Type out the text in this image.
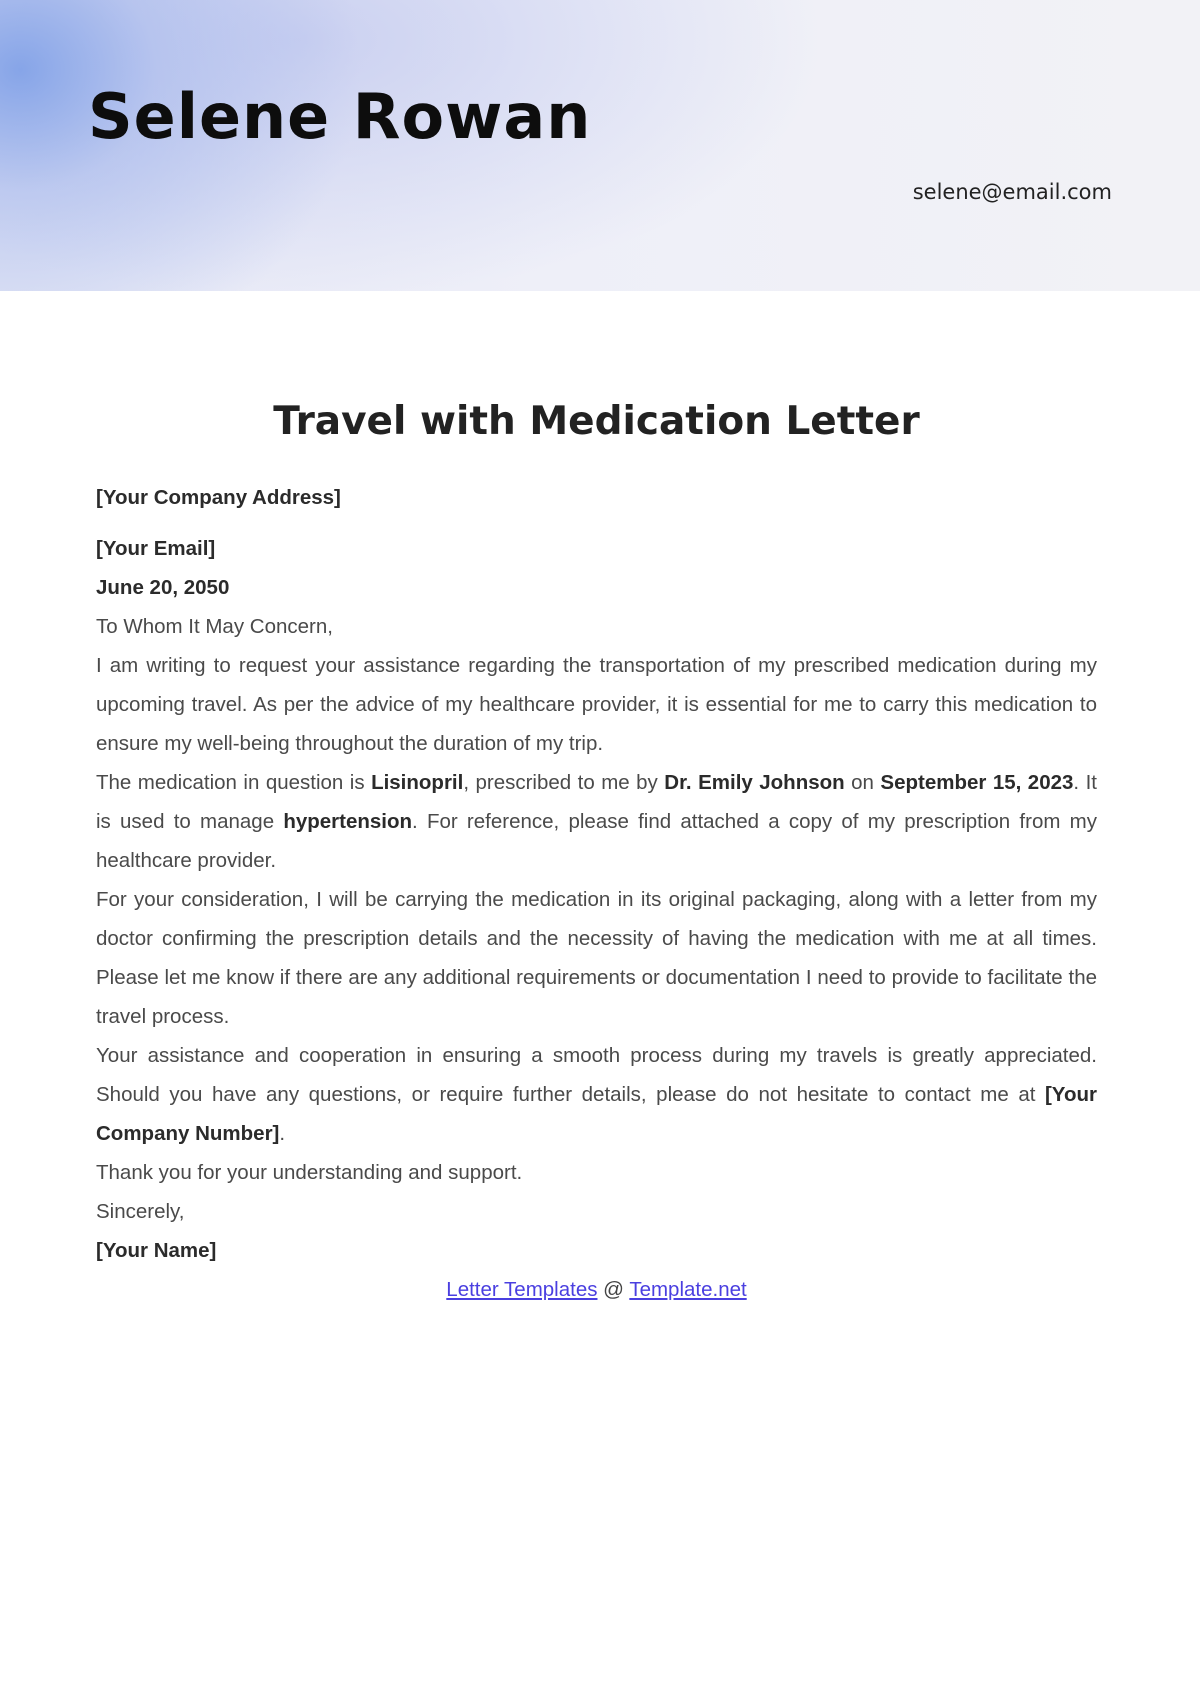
Selene Rowan
selene@email.com
Travel with Medication Letter

[Your Company Address]

[Your Email]

June 20, 2050

To Whom It May Concern,

I am writing to request your assistance regarding the transportation of my prescribed medication during my upcoming travel. As per the advice of my healthcare provider, it is essential for me to carry this medication to ensure my well-being throughout the duration of my trip.

The medication in question is Lisinopril, prescribed to me by Dr. Emily Johnson on September 15, 2023. It is used to manage hypertension. For reference, please find attached a copy of my prescription from my healthcare provider.

For your consideration, I will be carrying the medication in its original packaging, along with a letter from my doctor confirming the prescription details and the necessity of having the medication with me at all times. Please let me know if there are any additional requirements or documentation I need to provide to facilitate the travel process.

Your assistance and cooperation in ensuring a smooth process during my travels is greatly appreciated. Should you have any questions, or require further details, please do not hesitate to contact me at [Your Company Number].

Thank you for your understanding and support.

Sincerely,

[Your Name]

Letter Templates @ Template.net
